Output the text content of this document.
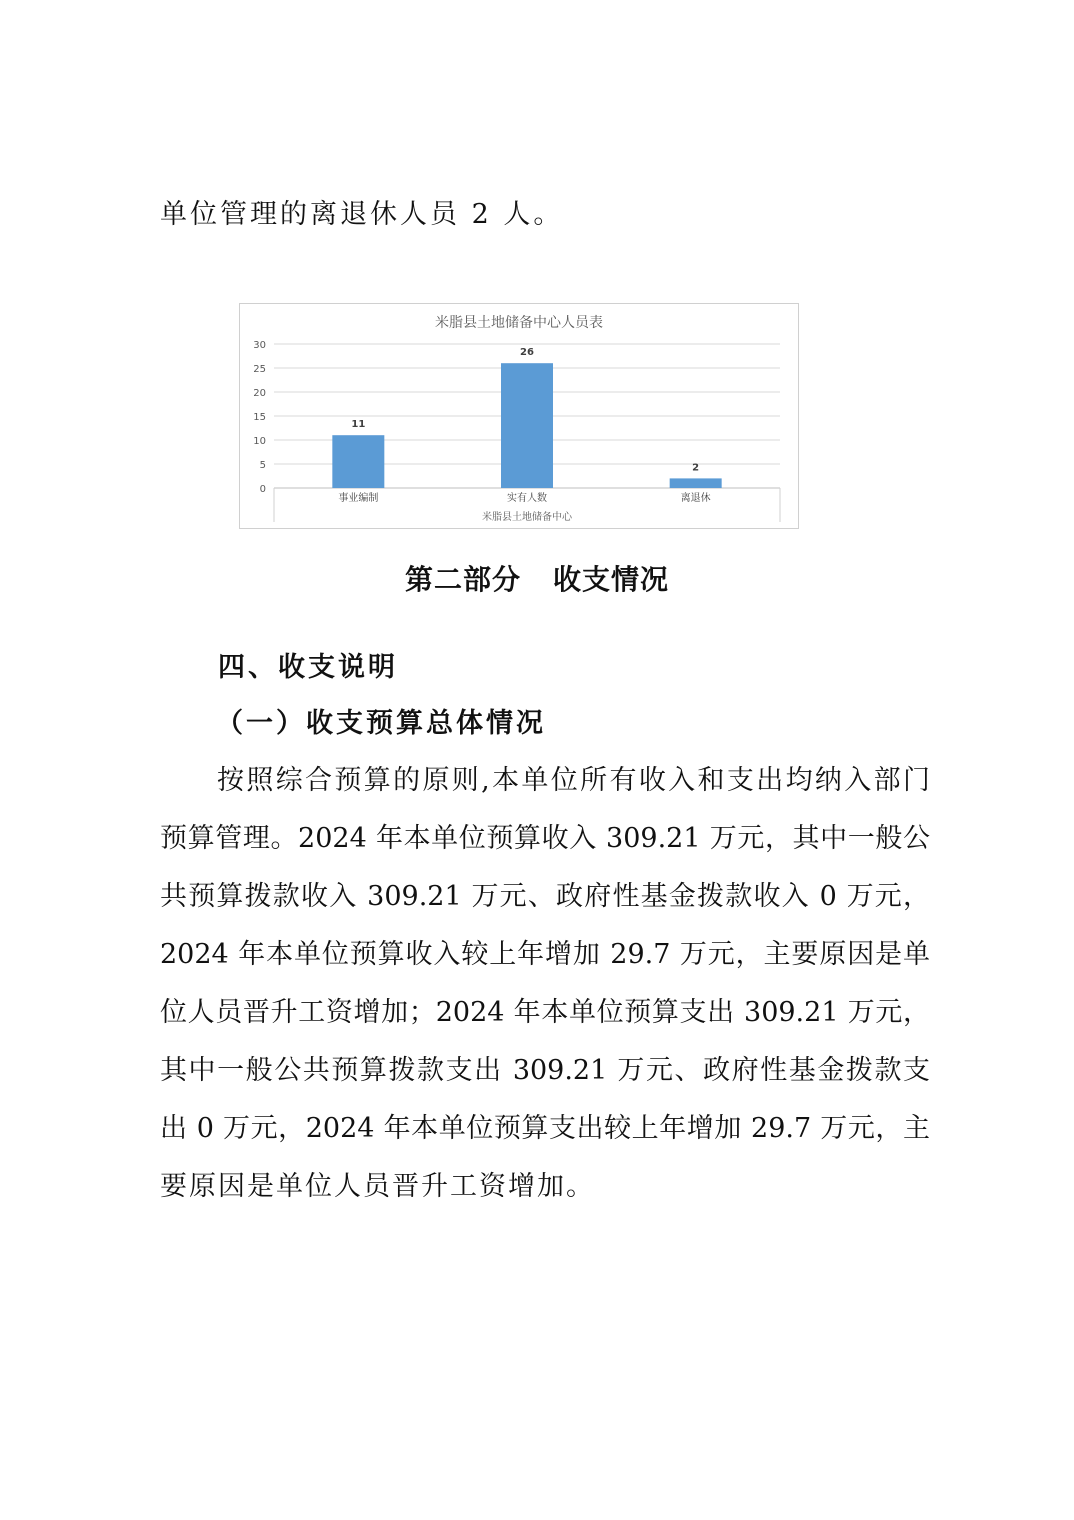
单位管理的离退休人员 2 人。
米脂县土地储备中心人员表
0
5
10
15
20
25
30
11
26
2
事业编制	实有人数	离退休
米脂县土地储备中心
第二部分 收支情况
四、收支说明
（一）收支预算总体情况
按照综合预算的原则,本单位所有收入和支出均纳入部门
预算管理。2024 年本单位预算收入 309.21 万元，其中一般公
共预算拨款收入 309.21 万元、政府性基金拨款收入 0 万元，
2024 年本单位预算收入较上年增加 29.7 万元，主要原因是单
位人员晋升工资增加；2024 年本单位预算支出 309.21 万元，
其中一般公共预算拨款支出 309.21 万元、政府性基金拨款支
出 0 万元，2024 年本单位预算支出较上年增加 29.7 万元，主
要原因是单位人员晋升工资增加。
